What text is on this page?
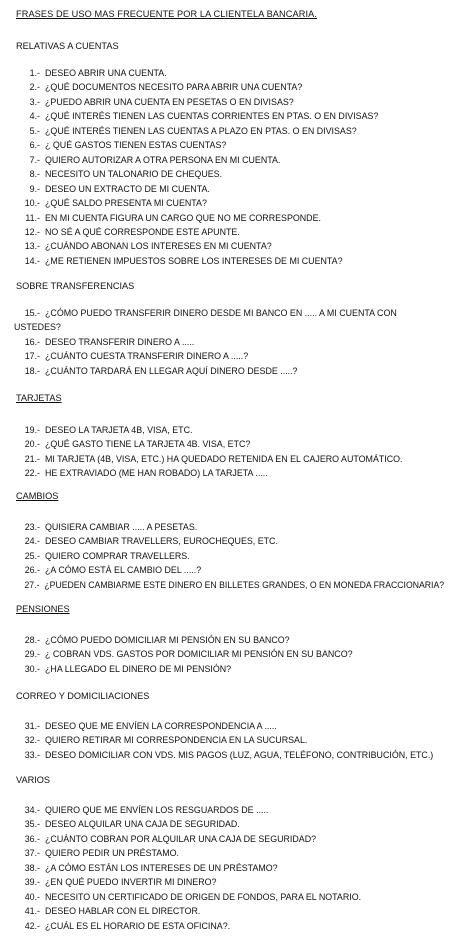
FRASES DE USO MAS FRECUENTE POR LA CLIENTELA BANCARIA.
RELATIVAS A CUENTAS
1.- DESEO ABRIR UNA CUENTA.
2.- ¿QUÉ DOCUMENTOS NECESITO PARA ABRIR UNA CUENTA?
3.- ¿PUEDO ABRIR UNA CUENTA EN PESETAS O EN DIVISAS?
4.- ¿QUÉ INTERÉS TIENEN LAS CUENTAS CORRIENTES EN PTAS. O EN DIVISAS?
5.- ¿QUÉ INTERÉS TIENEN LAS CUENTAS A PLAZO EN PTAS. O EN DIVISAS?
6.- ¿ QUÉ GASTOS TIENEN ESTAS CUENTAS?
7.- QUIERO AUTORIZAR A OTRA PERSONA EN MI CUENTA.
8.- NECESITO UN TALONARIO DE CHEQUES.
9.- DESEO UN EXTRACTO DE MI CUENTA.
10.- ¿QUÉ SALDO PRESENTA MI CUENTA?
11.- EN MI CUENTA FIGURA UN CARGO QUE NO ME CORRESPONDE.
12.- NO SÉ A QUÉ CORRESPONDE ESTE APUNTE.
13.- ¿CUÁNDO ABONAN LOS INTERESES EN MI CUENTA?
14.- ¿ME RETIENEN IMPUESTOS SOBRE LOS INTERESES DE MI CUENTA?
SOBRE TRANSFERENCIAS
15.- ¿CÓMO PUEDO TRANSFERIR DINERO DESDE MI BANCO EN ..... A MI CUENTA CON
USTEDES?
16.- DESEO TRANSFERIR DINERO A .....
17.- ¿CUÁNTO CUESTA TRANSFERIR DINERO A .....?
18.- ¿CUÁNTO TARDARÁ EN LLEGAR AQUÍ DINERO DESDE .....?
TARJETAS
19.- DESEO LA TARJETA 4B, VISA, ETC.
20.- ¿QUÉ GASTO TIENE LA TARJETA 4B. VISA, ETC?
21.- MI TARJETA (4B, VISA, ETC.) HA QUEDADO RETENIDA EN EL CAJERO AUTOMÁTICO.
22.- HE EXTRAVIADO (ME HAN ROBADO) LA TARJETA .....
CAMBIOS
23.- QUISIERA CAMBIAR ..... A PESETAS.
24.- DESEO CAMBIAR TRAVELLERS, EUROCHEQUES, ETC.
25.- QUIERO COMPRAR TRAVELLERS.
26.- ¿A CÓMO ESTÁ EL CAMBIO DEL .....?
27.- ¿PUEDEN CAMBIARME ESTE DINERO EN BILLETES GRANDES, O EN MONEDA FRACCIONARIA?
PENSIONES
28.- ¿CÓMO PUEDO DOMICILIAR MI PENSIÓN EN SU BANCO?
29.- ¿ COBRAN VDS. GASTOS POR DOMICILIAR MI PENSIÓN EN SU BANCO?
30.- ¿HA LLEGADO EL DINERO DE MI PENSIÓN?
CORREO Y DOMICILIACIONES
31.- DESEO QUE ME ENVÍEN LA CORRESPONDENCIA A .....
32.- QUIERO RETIRAR MI CORRESPONDENCIA EN LA SUCURSAL.
33.- DESEO DOMICILIAR CON VDS. MIS PAGOS (LUZ, AGUA, TELÉFONO, CONTRIBUCIÓN, ETC.)
VARIOS
34.- QUIERO QUE ME ENVÍEN LOS RESGUARDOS DE .....
35.- DESEO ALQUILAR UNA CAJA DE SEGURIDAD.
36.- ¿CUÁNTO COBRAN POR ALQUILAR UNA CAJA DE SEGURIDAD?
37.- QUIERO PEDIR UN PRÉSTAMO.
38.- ¿A CÓMO ESTÁN LOS INTERESES DE UN PRÉSTAMO?
39.- ¿EN QUÉ PUEDO INVERTIR MI DINERO?
40.- NECESITO UN CERTIFICADO DE ORIGEN DE FONDOS, PARA EL NOTARIO.
41.- DESEO HABLAR CON EL DIRECTOR.
42.- ¿CUÁL ES EL HORARIO DE ESTA OFICINA?.
